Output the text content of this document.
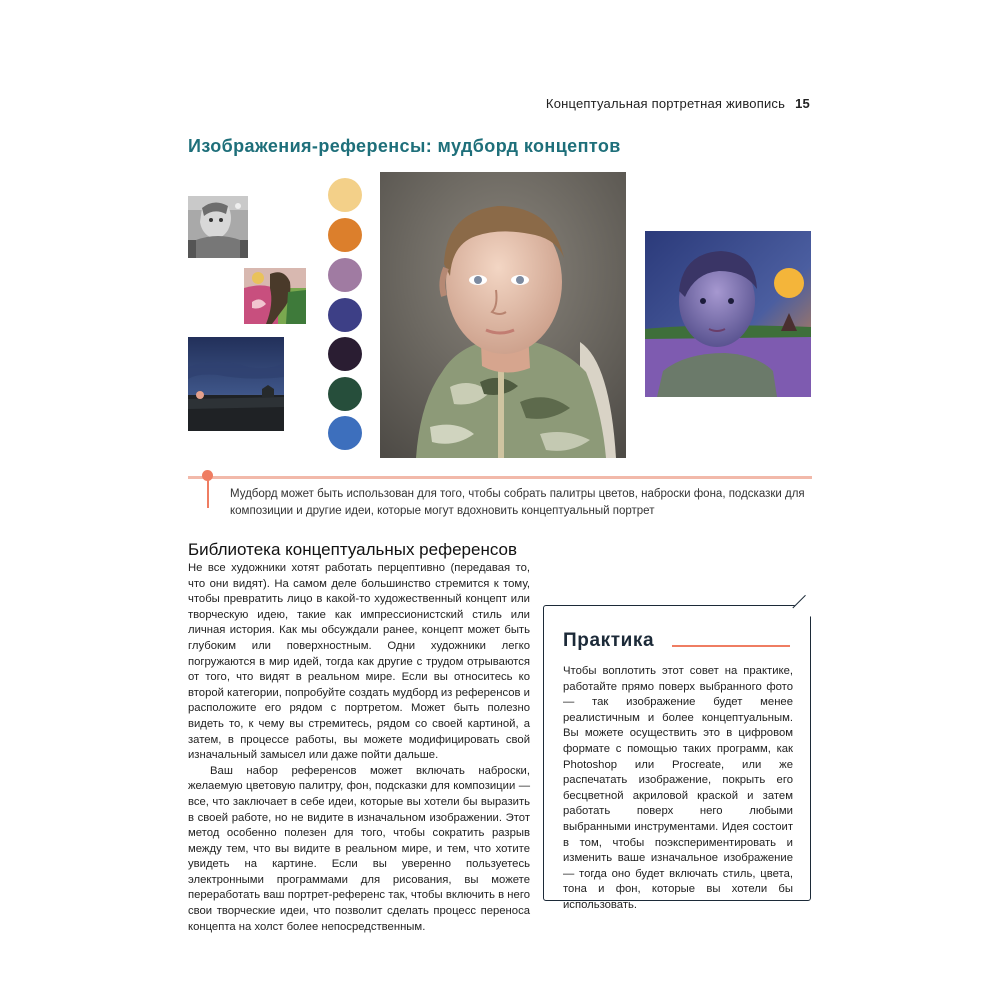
Концептуальная портретная живопись 15
Изображения-референсы: мудборд концептов
Мудборд может быть использован для того, чтобы собрать палитры цветов, наброски фона, подсказки для композиции и другие идеи, которые могут вдохновить концептуальный портрет
Библиотека концептуальных референсов

Не все художники хотят работать перцептивно (передавая то, что они видят). На самом деле большинство стремится к тому, чтобы превратить лицо в какой-то художественный концепт или творческую идею, такие как импрессионистский стиль или личная история. Как мы обсуждали ранее, концепт может быть глубоким или поверхностным. Одни художники легко погружаются в мир идей, тогда как другие с трудом отрываются от того, что видят в реальном мире. Если вы относитесь ко второй категории, попробуйте создать мудборд из референсов и расположите его рядом с портретом. Может быть полезно видеть то, к чему вы стремитесь, рядом со своей картиной, а затем, в процессе работы, вы можете модифицировать свой изначальный замысел или даже пойти дальше.

Ваш набор референсов может включать наброски, желаемую цветовую палитру, фон, подсказки для композиции — все, что заключает в себе идеи, которые вы хотели бы выразить в своей работе, но не видите в изначальном изображении. Этот метод особенно полезен для того, чтобы сократить разрыв между тем, что вы видите в реальном мире, и тем, что хотите увидеть на картине. Если вы уверенно пользуетесь электронными программами для рисования, вы можете переработать ваш портрет-референс так, чтобы включить в него свои творческие идеи, что позволит сделать процесс переноса концепта на холст более непосредственным.

Практика
Чтобы воплотить этот совет на практике, работайте прямо поверх выбранного фото — так изображение будет менее реалистичным и более концептуальным. Вы можете осуществить это в цифровом формате с помощью таких программ, как Photoshop или Procreate, или же распечатать изображение, покрыть его бесцветной акриловой краской и затем работать поверх него любыми выбранными инструментами. Идея состоит в том, чтобы поэкспериментировать и изменить ваше изначальное изображение — тогда оно будет включать стиль, цвета, тона и фон, которые вы хотели бы использовать.
